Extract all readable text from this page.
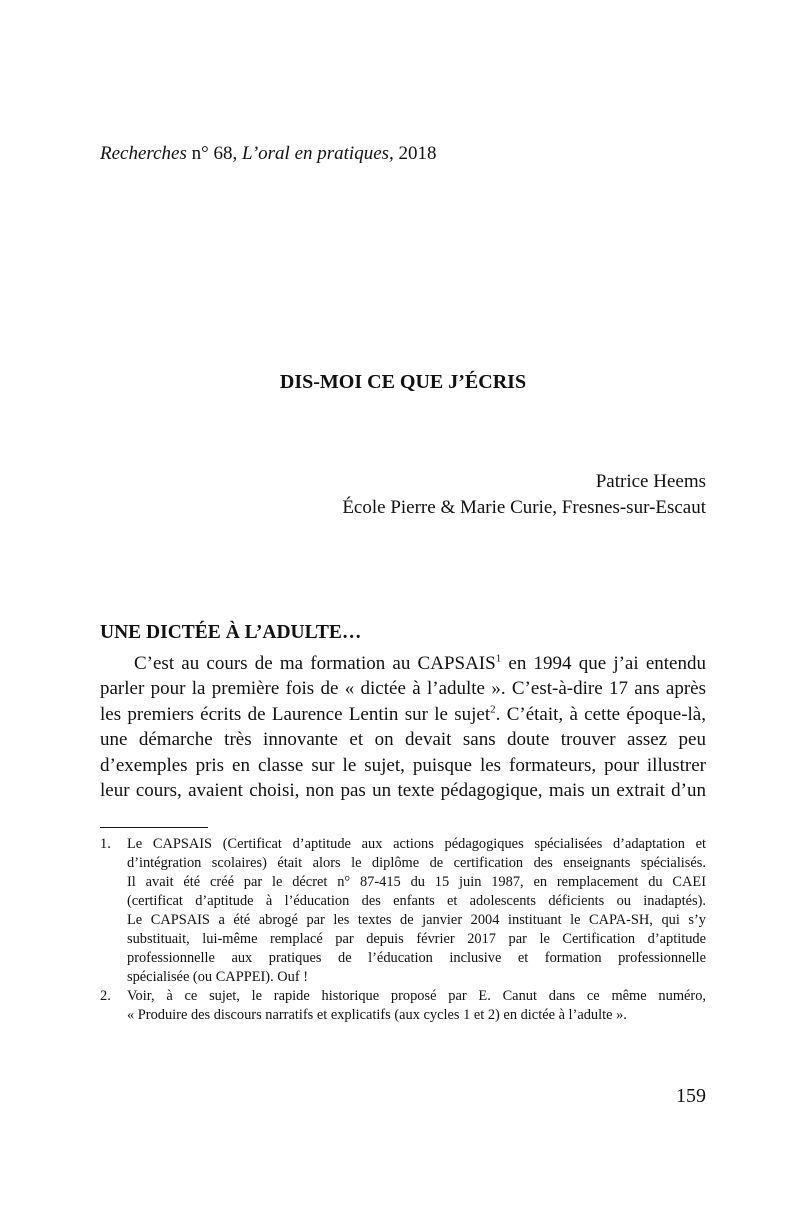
Recherches n° 68, L’oral en pratiques, 2018
DIS-MOI CE QUE J’ÉCRIS
Patrice Heems
École Pierre & Marie Curie, Fresnes-sur-Escaut
UNE DICTÉE À L’ADULTE…
C’est au cours de ma formation au CAPSAIS$^1$ en 1994 que j’ai entendu
parler pour la première fois de « dictée à l’adulte ». C’est-à-dire 17 ans après
les premiers écrits de Laurence Lentin sur le sujet$^2$. C’était, à cette époque-là,
une démarche très innovante et on devait sans doute trouver assez peu
d’exemples pris en classe sur le sujet, puisque les formateurs, pour illustrer
leur cours, avaient choisi, non pas un texte pédagogique, mais un extrait d’un
1. Le CAPSAIS (Certificat d’aptitude aux actions pédagogiques spécialisées d’adaptation et
d’intégration scolaires) était alors le diplôme de certification des enseignants spécialisés.
Il avait été créé par le décret n° 87-415 du 15 juin 1987, en remplacement du CAEI
(certificat d’aptitude à l’éducation des enfants et adolescents déficients ou inadaptés).
Le CAPSAIS a été abrogé par les textes de janvier 2004 instituant le CAPA-SH, qui s’y
substituait, lui-même remplacé par depuis février 2017 par le Certification d’aptitude
professionnelle aux pratiques de l’éducation inclusive et formation professionnelle
spécialisée (ou CAPPEI). Ouf !
2. Voir, à ce sujet, le rapide historique proposé par E. Canut dans ce même numéro,
« Produire des discours narratifs et explicatifs (aux cycles 1 et 2) en dictée à l’adulte ».
159
